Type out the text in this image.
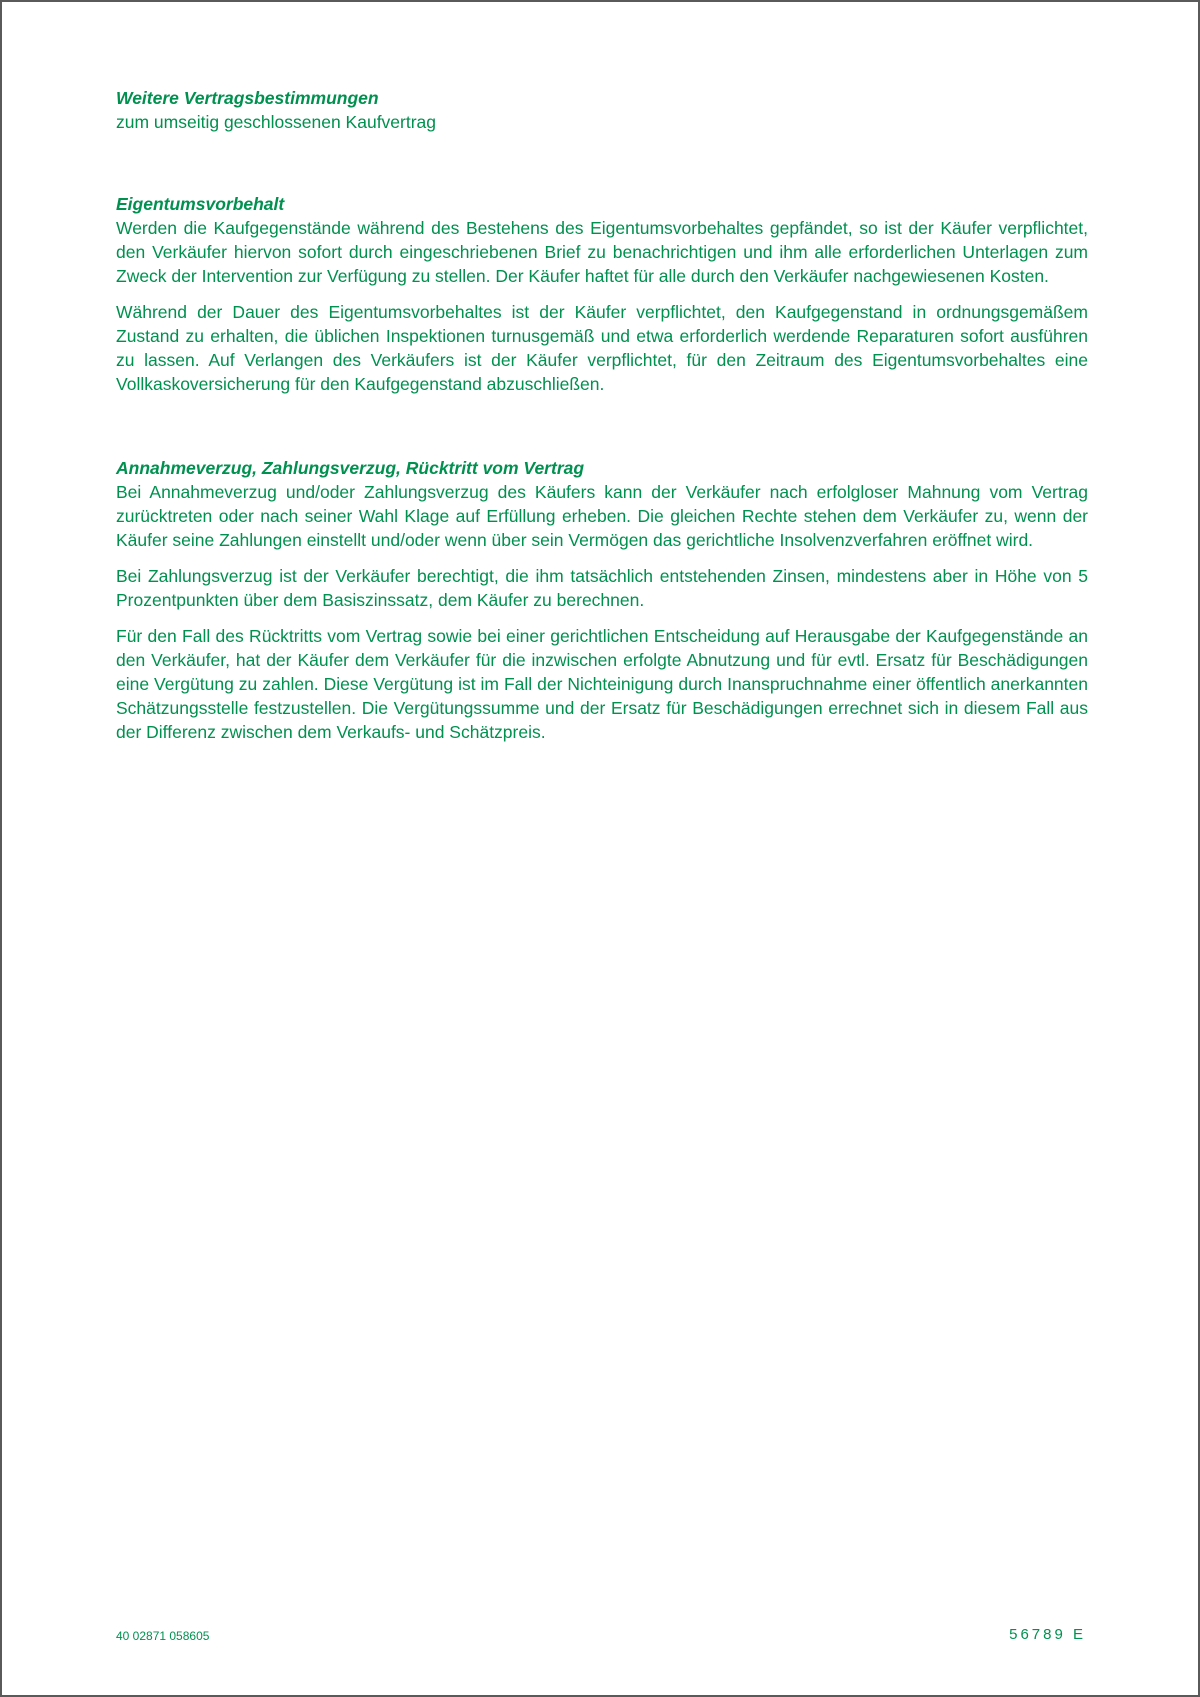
Weitere Vertragsbestimmungen

zum umseitig geschlossenen Kaufvertrag

Eigentumsvorbehalt

Werden die Kaufgegenstände während des Bestehens des Eigentumsvorbehaltes gepfändet, so ist der Käufer verpflichtet, den Verkäufer hiervon sofort durch eingeschriebenen Brief zu benachrichtigen und ihm alle erforderlichen Unterlagen zum Zweck der Intervention zur Verfügung zu stellen. Der Käufer haftet für alle durch den Verkäufer nachgewiesenen Kosten.

Während der Dauer des Eigentumsvorbehaltes ist der Käufer verpflichtet, den Kaufgegenstand in ordnungsgemäßem Zustand zu erhalten, die üblichen Inspektionen turnusgemäß und etwa erforderlich werdende Reparaturen sofort ausführen zu lassen. Auf Verlangen des Verkäufers ist der Käufer verpflichtet, für den Zeitraum des Eigentumsvorbehaltes eine Vollkaskoversicherung für den Kaufgegenstand abzuschließen.

Annahmeverzug, Zahlungsverzug, Rücktritt vom Vertrag

Bei Annahmeverzug und/oder Zahlungsverzug des Käufers kann der Verkäufer nach erfolgloser Mahnung vom Vertrag zurücktreten oder nach seiner Wahl Klage auf Erfüllung erheben. Die gleichen Rechte stehen dem Verkäufer zu, wenn der Käufer seine Zahlungen einstellt und/oder wenn über sein Vermögen das gerichtliche Insolvenzverfahren eröffnet wird.

Bei Zahlungsverzug ist der Verkäufer berechtigt, die ihm tatsächlich entstehenden Zinsen, mindestens aber in Höhe von 5 Prozentpunkten über dem Basiszinssatz, dem Käufer zu berechnen.

Für den Fall des Rücktritts vom Vertrag sowie bei einer gerichtlichen Entscheidung auf Herausgabe der Kaufgegenstände an den Verkäufer, hat der Käufer dem Verkäufer für die inzwischen erfolgte Abnutzung und für evtl. Ersatz für Beschädigungen eine Vergütung zu zahlen. Diese Vergütung ist im Fall der Nichteinigung durch Inanspruchnahme einer öffentlich anerkannten Schätzungsstelle festzustellen. Die Vergütungssumme und der Ersatz für Beschädigungen errechnet sich in diesem Fall aus der Differenz zwischen dem Verkaufs- und Schätzpreis.

40 02871 058605	56789 E
